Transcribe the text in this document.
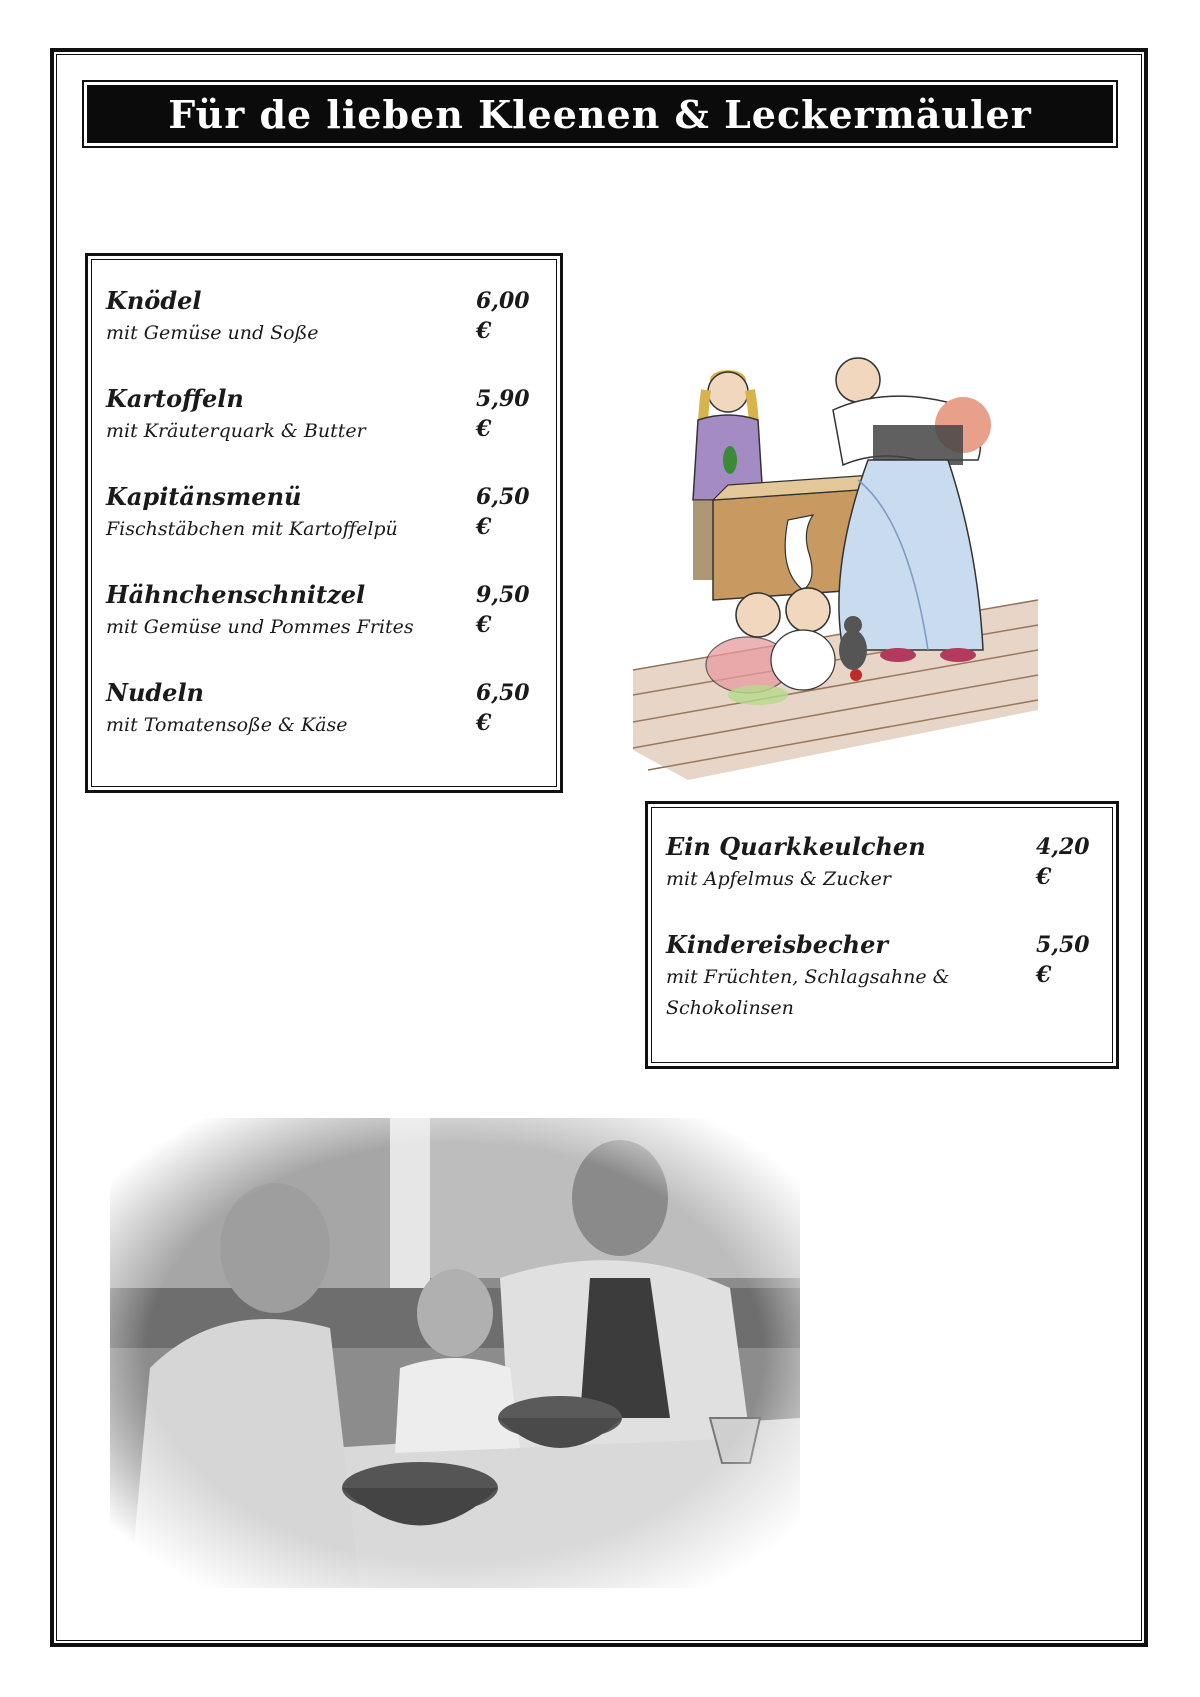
Für de lieben Kleenen & Leckermäuler
Knödel	6,00 €
mit Gemüse und Soße
Kartoffeln	5,90 €
mit Kräuterquark & Butter
Kapitänsmenü	6,50 €
Fischstäbchen mit Kartoffelpü
Hähnchenschnitzel	9,50 €
mit Gemüse und Pommes Frites
Nudeln	6,50 €
mit Tomatensoße & Käse
Ein Quarkkeulchen	4,20 €
mit Apfelmus & Zucker
Kindereisbecher	5,50 €
mit Früchten, Schlagsahne & Schokolinsen
